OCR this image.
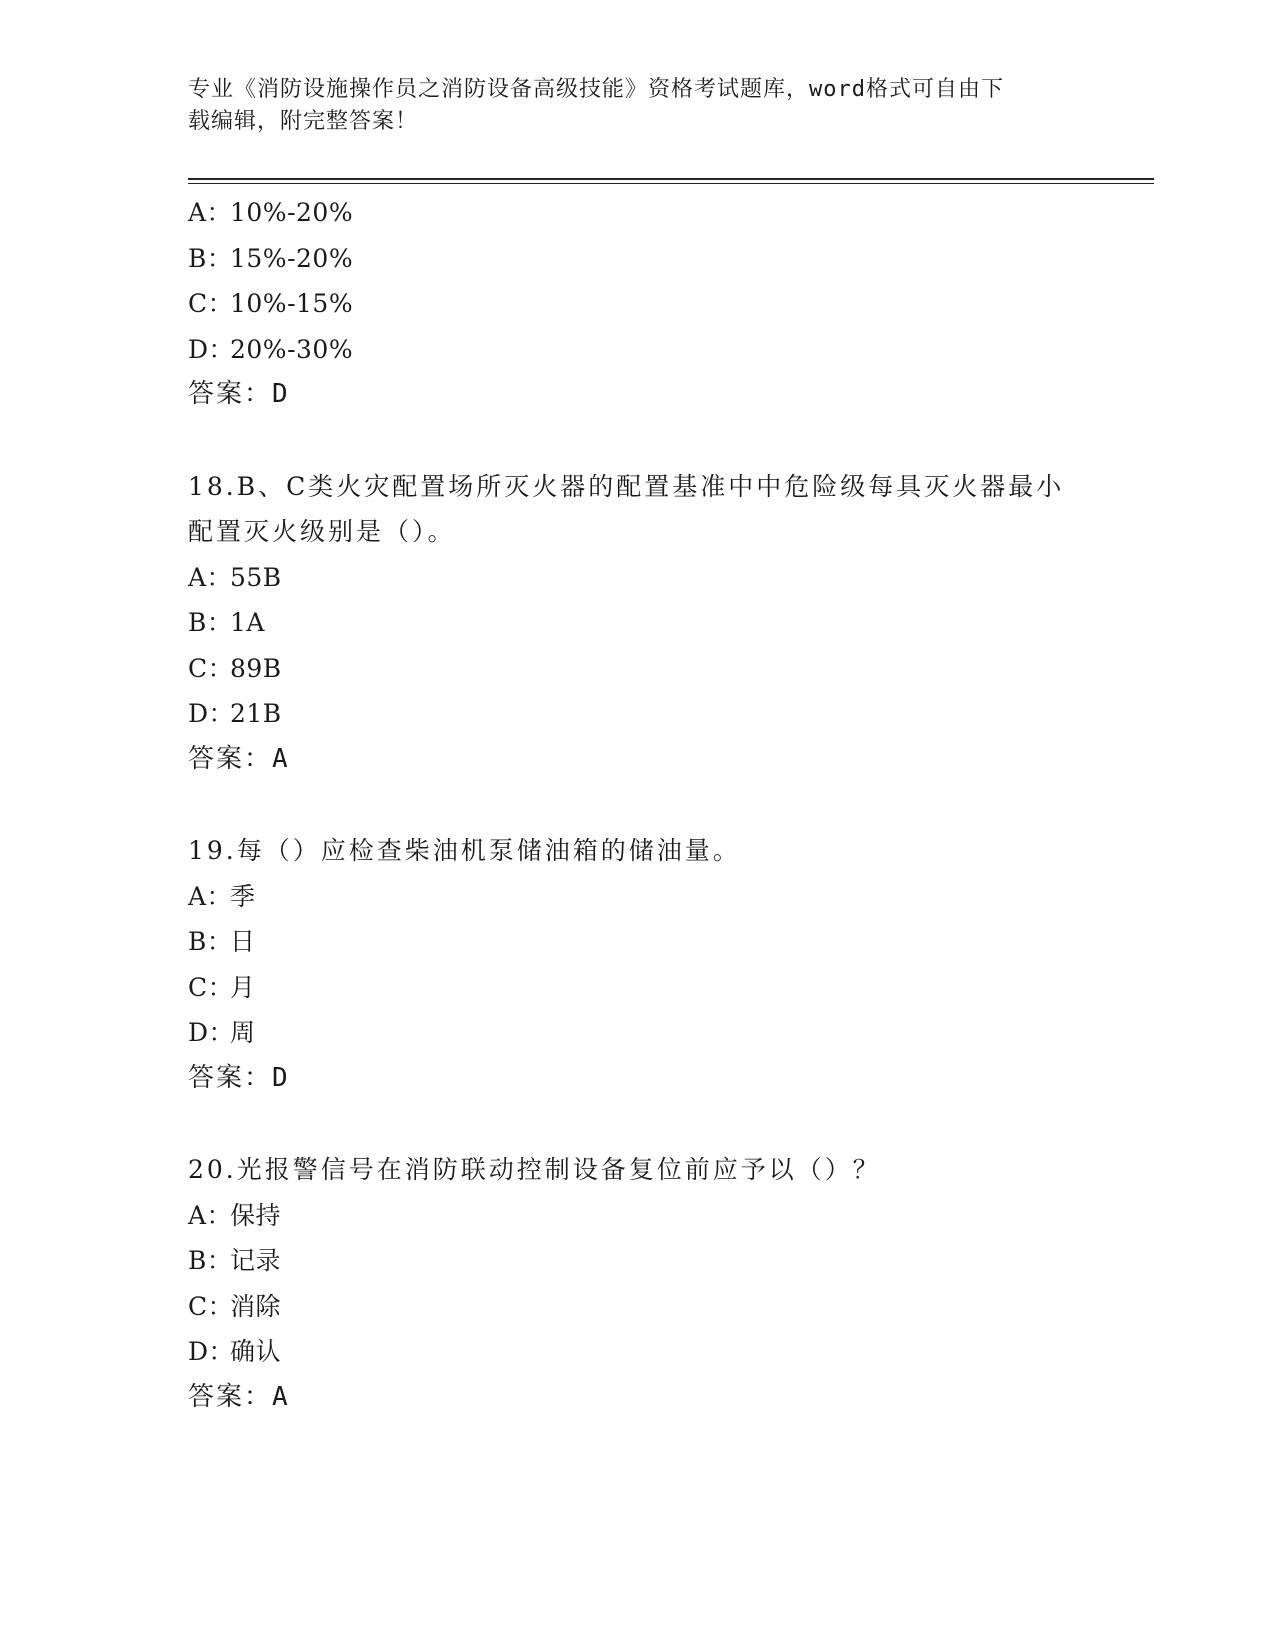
专业《消防设施操作员之消防设备高级技能》资格考试题库，word格式可自由下
载编辑，附完整答案！
A：10%-20%
B：15%-20%
C：10%-15%
D：20%-30%
答案：D
18.B、C类火灾配置场所灭火器的配置基准中中危险级每具灭火器最小
配置灭火级别是（）。
A：55B
B：1A
C：89B
D：21B
答案：A
19.每（）应检查柴油机泵储油箱的储油量。
A：季
B：日
C：月
D：周
答案：D
20.光报警信号在消防联动控制设备复位前应予以（）？
A：保持
B：记录
C：消除
D：确认
答案：A
